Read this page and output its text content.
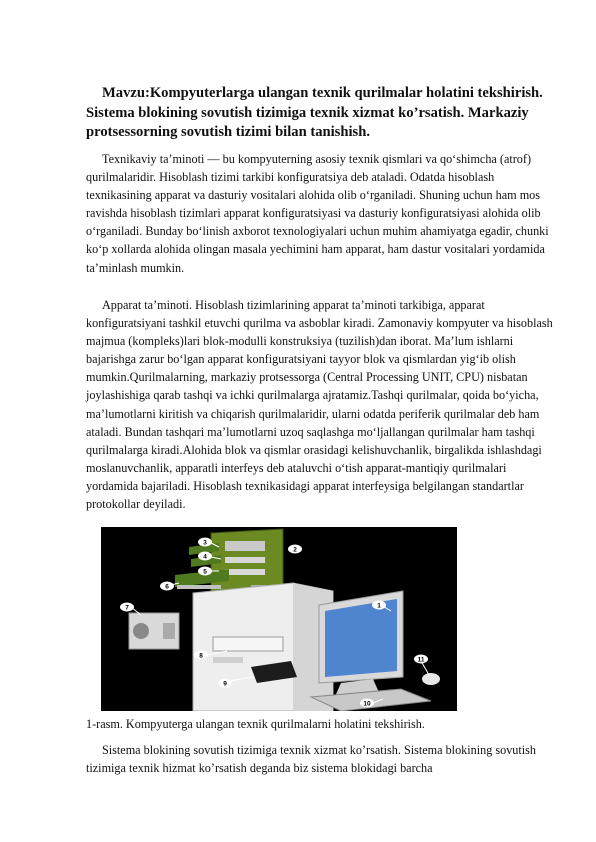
Mavzu:Kompyuterlarga ulangan texnik qurilmalar holatini tekshirish. Sistema blokining sovutish tizimiga texnik xizmat ko’rsatish. Markaziy protsessorning sovutish tizimi bilan tanishish.
Texnikaviy ta’minoti — bu kompyuterning asosiy texnik qismlari va qo‘shimcha (atrof) qurilmalaridir. Hisoblash tizimi tarkibi konfiguratsiya deb ataladi. Odatda hisoblash texnikasining apparat va dasturiy vositalari alohida olib o‘rganiladi. Shuning uchun ham mos ravishda hisoblash tizimlari apparat konfiguratsiyasi va dasturiy konfiguratsiyasi alohida olib o‘rganiladi. Bunday bo‘linish axborot texnologiyalari uchun muhim ahamiyatga egadir, chunki ko‘p xollarda alohida olingan masala yechimini ham apparat, ham dastur vositalari yordamida ta’minlash mumkin.
Apparat ta’minoti. Hisoblash tizimlarining apparat ta’minoti tarkibiga, apparat konfiguratsiyani tashkil etuvchi qurilma va asboblar kiradi. Zamonaviy kompyuter va hisoblash majmua (kompleks)lari blok-modulli konstruksiya (tuzilish)dan iborat. Ma’lum ishlarni bajarishga zarur bo‘lgan apparat konfiguratsiyani tayyor blok va qismlardan yig‘ib olish mumkin.Qurilmalarning, markaziy protsessorga (Central Processing UNIT, CPU) nisbatan joylashishiga qarab tashqi va ichki qurilmalarga ajratamiz.Tashqi qurilmalar, qoida bo‘yicha, ma’lumotlarni kiritish va chiqarish qurilmalaridir, ularni odatda periferik qurilmalar deb ham ataladi. Bundan tashqari ma’lumotlarni uzoq saqlashga mo‘ljallangan qurilmalar ham tashqi qurilmalarga kiradi.Alohida blok va qismlar orasidagi kelishuvchanlik, birgalikda ishlashdagi moslanuvchanlik, apparatli interfeys deb ataluvchi o‘tish apparat-mantiqiy qurilmalari yordamida bajariladi. Hisoblash texnikasidagi apparat interfeysiga belgilangan standartlar protokollar deyiladi.
3
2
4
5
6
7	1
8
9
11
10
1-rasm. Kompyuterga ulangan texnik qurilmalarni holatini tekshirish.
Sistema blokining sovutish tizimiga texnik xizmat ko’rsatish. Sistema blokining sovutish tizimiga texnik hizmat ko’rsatish deganda biz sistema blokidagi barcha
